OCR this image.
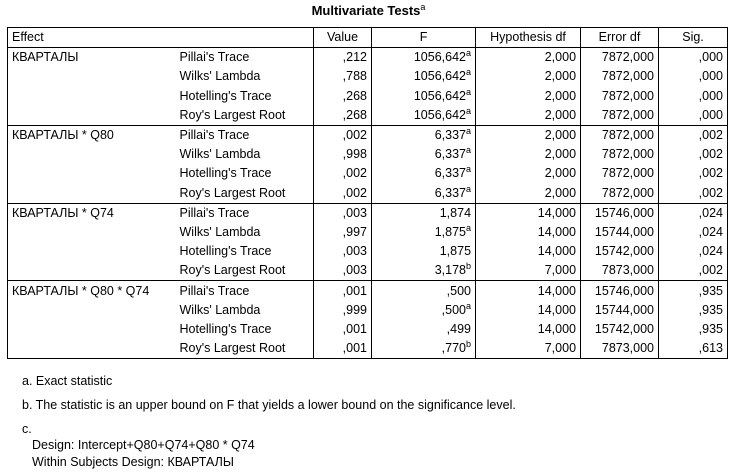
Multivariate Tests$^a$
Effect		Value	F	Hypothesis df	Error df	Sig.
КВАРТАЛЫ	Pillai's Trace	,212	1056,642$^a$	2,000	7872,000	,000
	Wilks' Lambda	,788	1056,642$^a$	2,000	7872,000	,000
	Hotelling's Trace	,268	1056,642$^a$	2,000	7872,000	,000
	Roy's Largest Root	,268	1056,642$^a$	2,000	7872,000	,000
КВАРТАЛЫ * Q80	Pillai's Trace	,002	6,337$^a$	2,000	7872,000	,002
	Wilks' Lambda	,998	6,337$^a$	2,000	7872,000	,002
	Hotelling's Trace	,002	6,337$^a$	2,000	7872,000	,002
	Roy's Largest Root	,002	6,337$^a$	2,000	7872,000	,002
КВАРТАЛЫ * Q74	Pillai's Trace	,003	1,874	14,000	15746,000	,024
	Wilks' Lambda	,997	1,875$^a$	14,000	15744,000	,024
	Hotelling's Trace	,003	1,875	14,000	15742,000	,024
	Roy's Largest Root	,003	3,178$^b$	7,000	7873,000	,002
КВАРТАЛЫ * Q80 * Q74	Pillai's Trace	,001	,500	14,000	15746,000	,935
	Wilks' Lambda	,999	,500$^a$	14,000	15744,000	,935
	Hotelling's Trace	,001	,499	14,000	15742,000	,935
	Roy's Largest Root	,001	,770$^b$	7,000	7873,000	,613
a. Exact statistic
b. The statistic is an upper bound on F that yields a lower bound on the significance level.
c.
Design: Intercept+Q80+Q74+Q80 * Q74
Within Subjects Design: КВАРТАЛЫ
